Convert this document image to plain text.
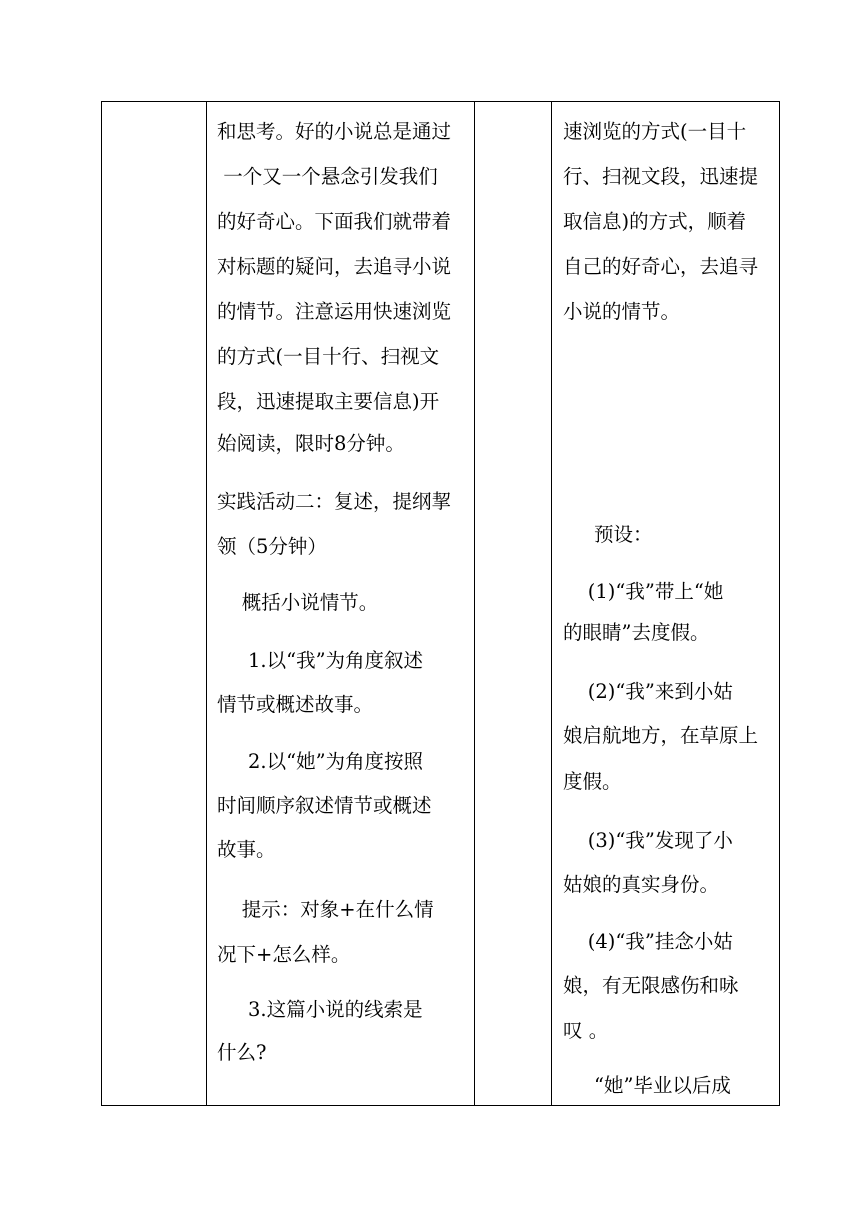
和思考。好的小说总是通过
一个又一个悬念引发我们
的好奇心。下面我们就带着
对标题的疑问，去追寻小说
的情节。注意运用快速浏览
的方式(一目十行、扫视文
段，迅速提取主要信息)开
始阅读，限时8分钟。
实践活动二：复述，提纲挈
领（5分钟）
概括小说情节。
1.以“我”为角度叙述
情节或概述故事。
2.以“她”为角度按照
时间顺序叙述情节或概述
故事。
提示：对象+在什么情
况下+怎么样。
3.这篇小说的线索是
什么?
速浏览的方式(一目十
行、扫视文段，迅速提
取信息)的方式，顺着
自己的好奇心，去追寻
小说的情节。
预设：
(1)“我”带上“她
的眼睛”去度假。
(2)“我”来到小姑
娘启航地方，在草原上
度假。
(3)“我”发现了小
姑娘的真实身份。
(4)“我”挂念小姑
娘，有无限感伤和咏
叹 。
“她”毕业以后成
